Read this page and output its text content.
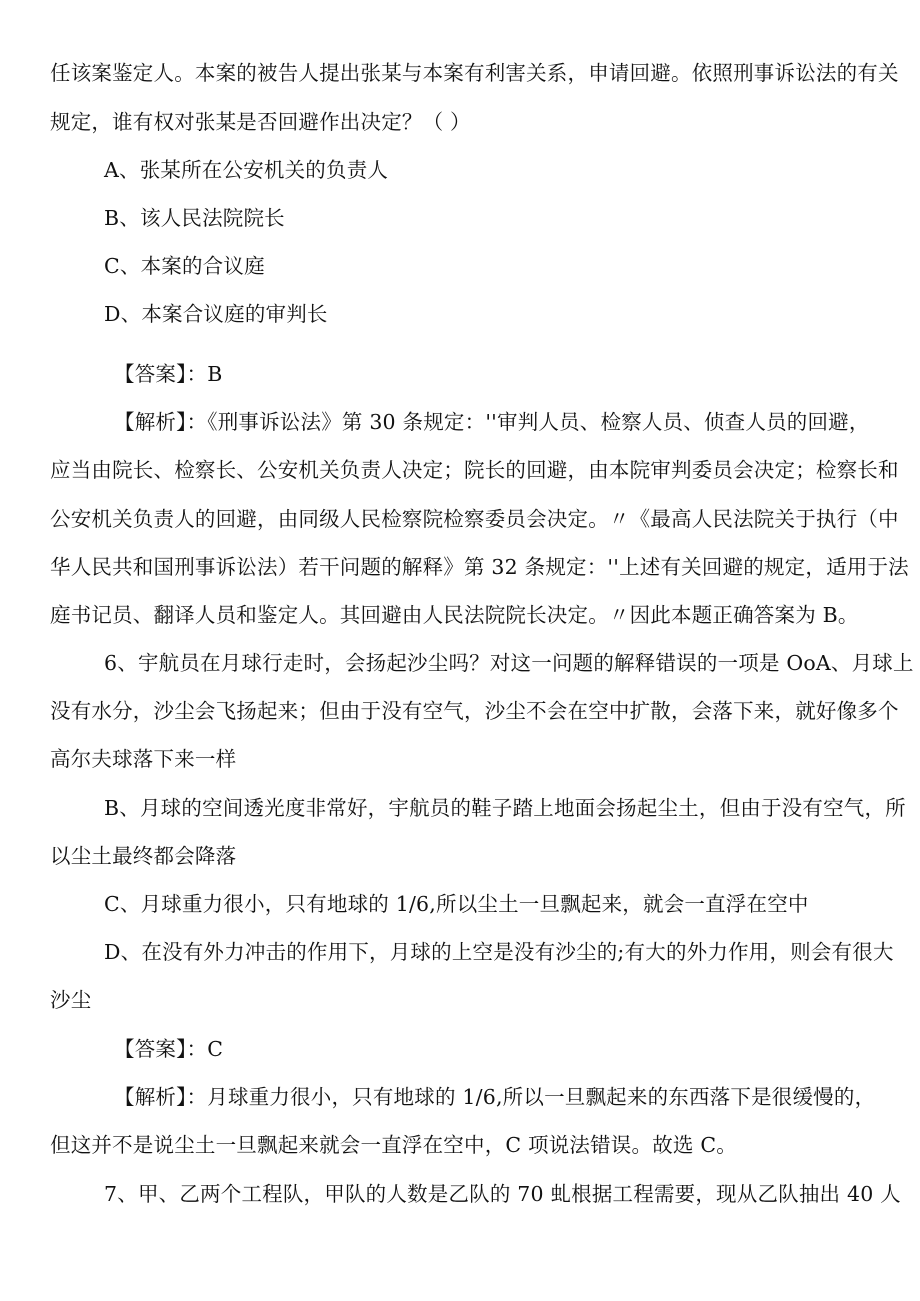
任该案鉴定人。本案的被告人提出张某与本案有利害关系，申请回避。依照刑事诉讼法的有关
规定，谁有权对张某是否回避作出决定？（ ）
A、张某所在公安机关的负责人
B、该人民法院院长
C、本案的合议庭
D、本案合议庭的审判长
【答案】：B
【解析】：《刑事诉讼法》第 30 条规定：''审判人员、检察人员、侦查人员的回避，
应当由院长、检察长、公安机关负责人决定；院长的回避，由本院审判委员会决定；检察长和
公安机关负责人的回避，由同级人民检察院检察委员会决定。〃《最高人民法院关于执行（中
华人民共和国刑事诉讼法）若干问题的解释》第 32 条规定：''上述有关回避的规定，适用于法
庭书记员、翻译人员和鉴定人。其回避由人民法院院长决定。〃因此本题正确答案为 B。
6、宇航员在月球行走时，会扬起沙尘吗？对这一问题的解释错误的一项是 OoA、月球上
没有水分，沙尘会飞扬起来；但由于没有空气，沙尘不会在空中扩散，会落下来，就好像多个
高尔夫球落下来一样
B、月球的空间透光度非常好，宇航员的鞋子踏上地面会扬起尘土，但由于没有空气，所
以尘土最终都会降落
C、月球重力很小，只有地球的 1/6,所以尘土一旦飘起来，就会一直浮在空中
D、在没有外力冲击的作用下，月球的上空是没有沙尘的;有大的外力作用，则会有很大
沙尘
【答案】：C
【解析】：月球重力很小，只有地球的 1/6,所以一旦飘起来的东西落下是很缓慢的，
但这并不是说尘土一旦飘起来就会一直浮在空中，C 项说法错误。故选 C。
7、甲、乙两个工程队，甲队的人数是乙队的 70 虬根据工程需要，现从乙队抽出 40 人
